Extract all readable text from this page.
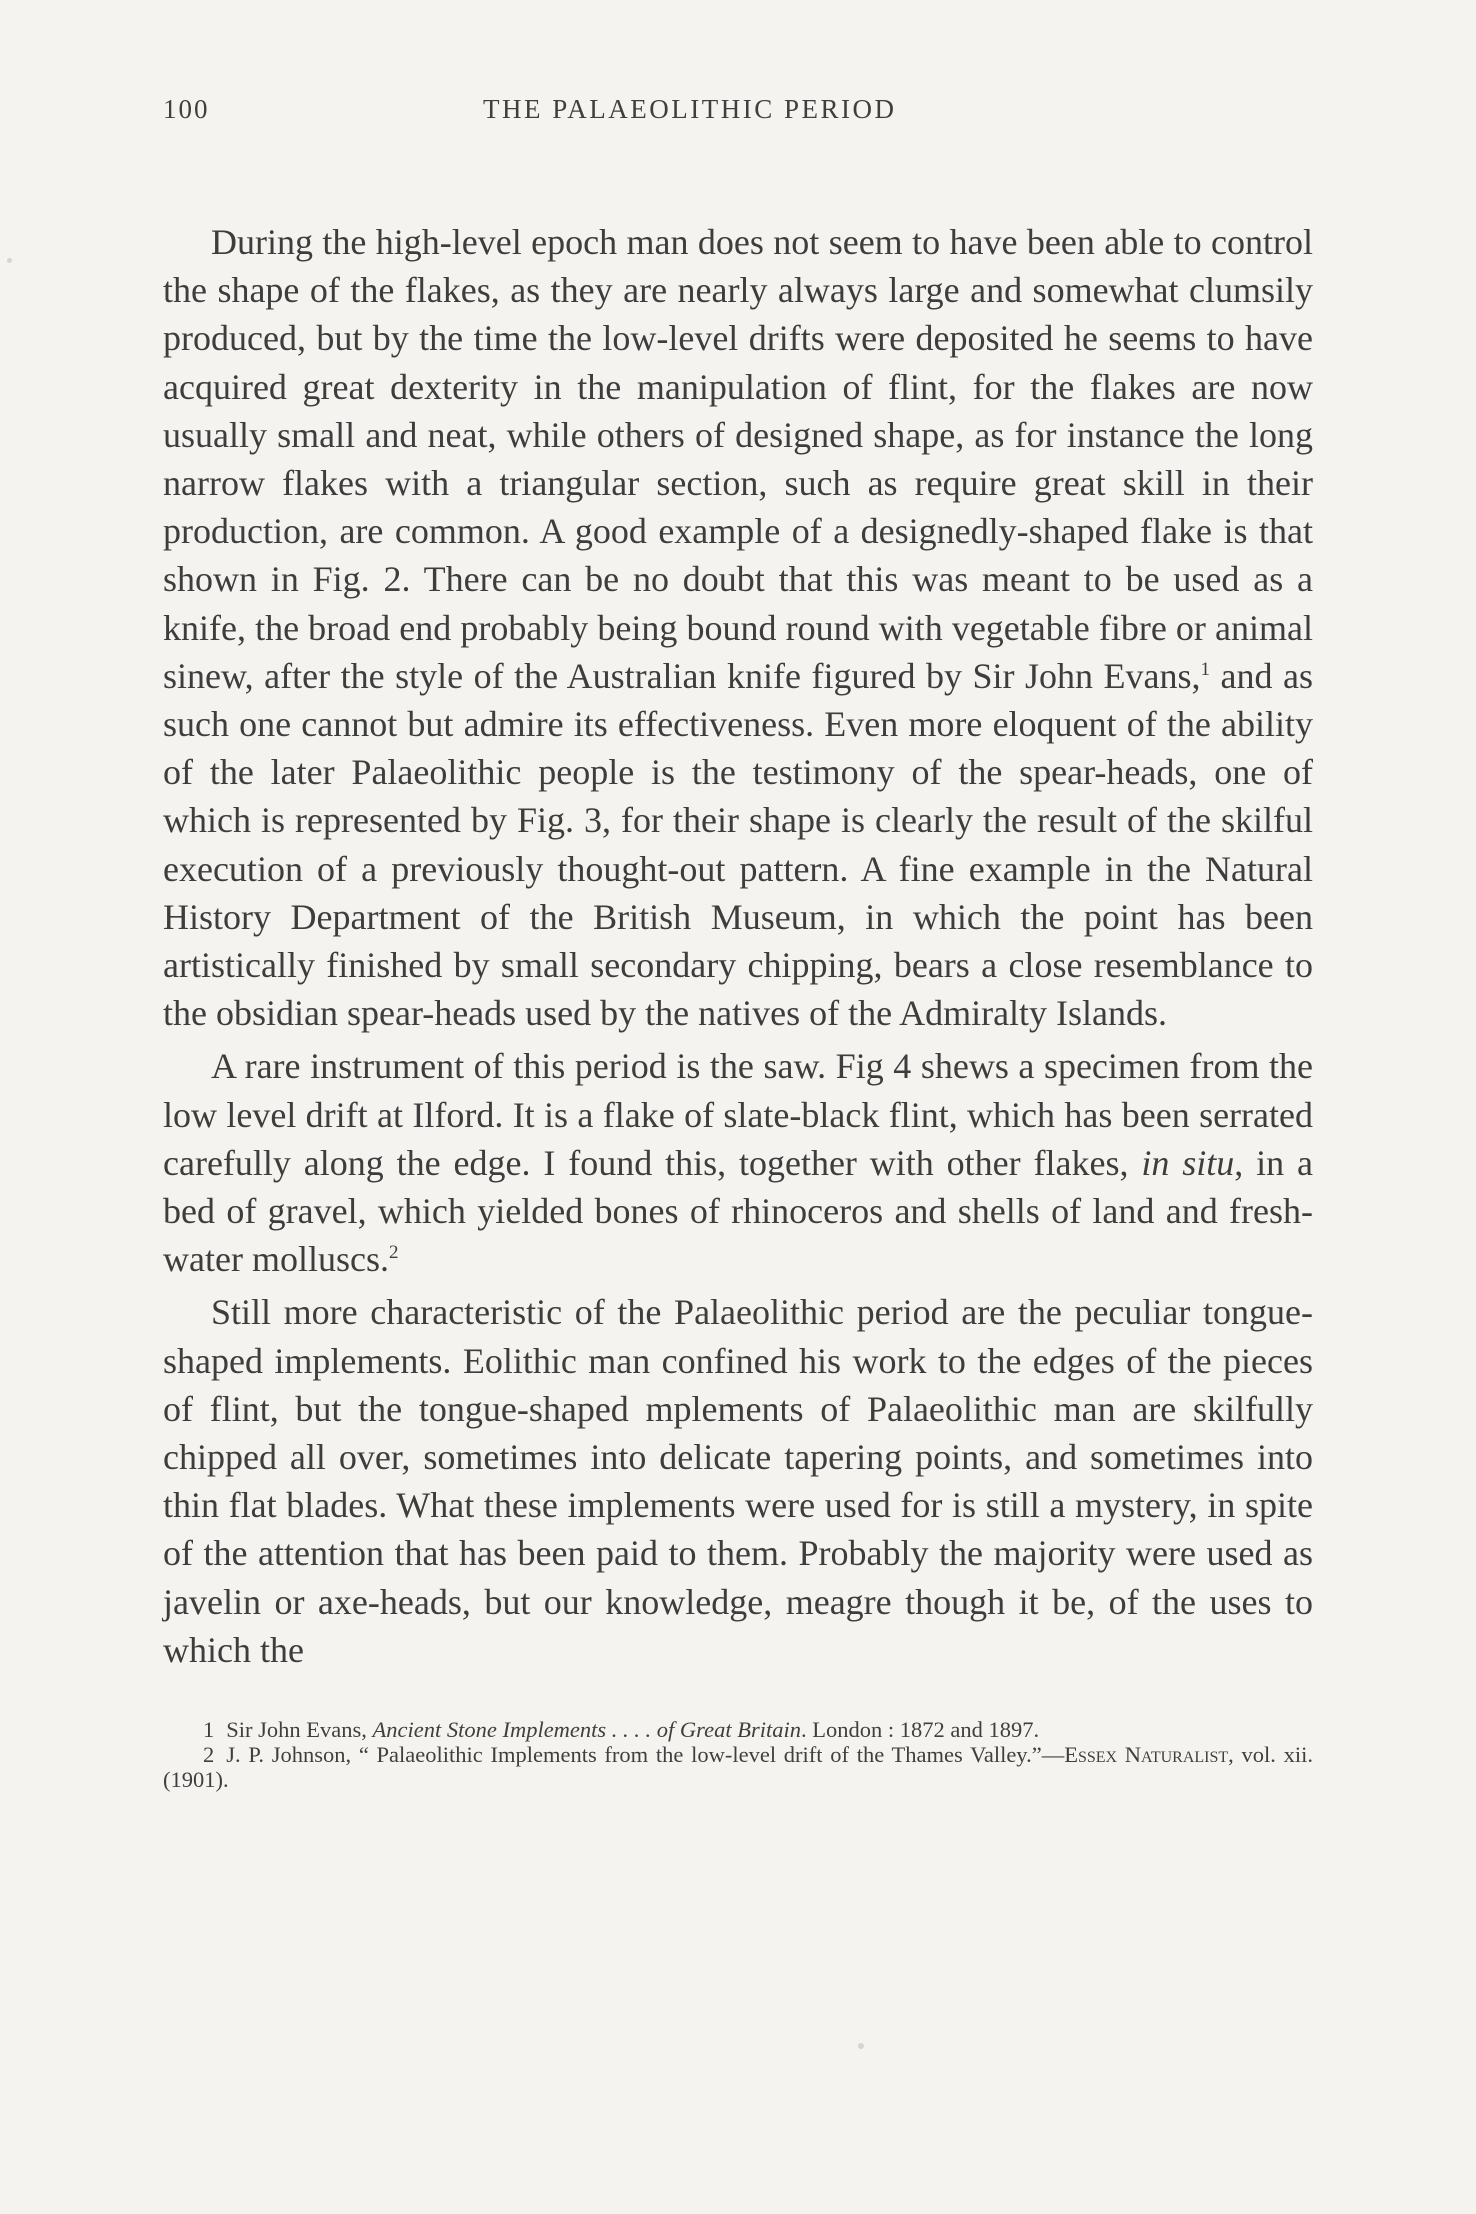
100	THE PALAEOLITHIC PERIOD

During the high-level epoch man does not seem to have been able to control the shape of the flakes, as they are nearly always large and somewhat clumsily produced, but by the time the low-level drifts were deposited he seems to have acquired great dexterity in the manipulation of flint, for the flakes are now usually small and neat, while others of designed shape, as for instance the long narrow flakes with a triangular section, such as require great skill in their production, are common. A good example of a designedly-shaped flake is that shown in Fig. 2. There can be no doubt that this was meant to be used as a knife, the broad end probably being bound round with vegetable fibre or animal sinew, after the style of the Australian knife figured by Sir John Evans,$^1$ and as such one cannot but admire its effectiveness. Even more eloquent of the ability of the later Palaeolithic people is the testimony of the spear-heads, one of which is represented by Fig. 3, for their shape is clearly the result of the skilful execution of a previously thought-out pattern. A fine example in the Natural History Department of the British Museum, in which the point has been artistically finished by small secondary chipping, bears a close resemblance to the obsidian spear-heads used by the natives of the Admiralty Islands.

A rare instrument of this period is the saw. Fig 4 shews a specimen from the low level drift at Ilford. It is a flake of slate-black flint, which has been serrated carefully along the edge. I found this, together with other flakes, in situ, in a bed of gravel, which yielded bones of rhinoceros and shells of land and fresh-water molluscs.$^2$

Still more characteristic of the Palaeolithic period are the peculiar tongue-shaped implements. Eolithic man confined his work to the edges of the pieces of flint, but the tongue-shaped mplements of Palaeolithic man are skilfully chipped all over, sometimes into delicate tapering points, and sometimes into thin flat blades. What these implements were used for is still a mystery, in spite of the attention that has been paid to them. Probably the majority were used as javelin or axe-heads, but our knowledge, meagre though it be, of the uses to which the

1 Sir John Evans, Ancient Stone Implements . . . . of Great Britain. London : 1872 and 1897.

2 J. P. Johnson, “ Palaeolithic Implements from the low-level drift of the Thames Valley.”—Essex Naturalist, vol. xii. (1901).
